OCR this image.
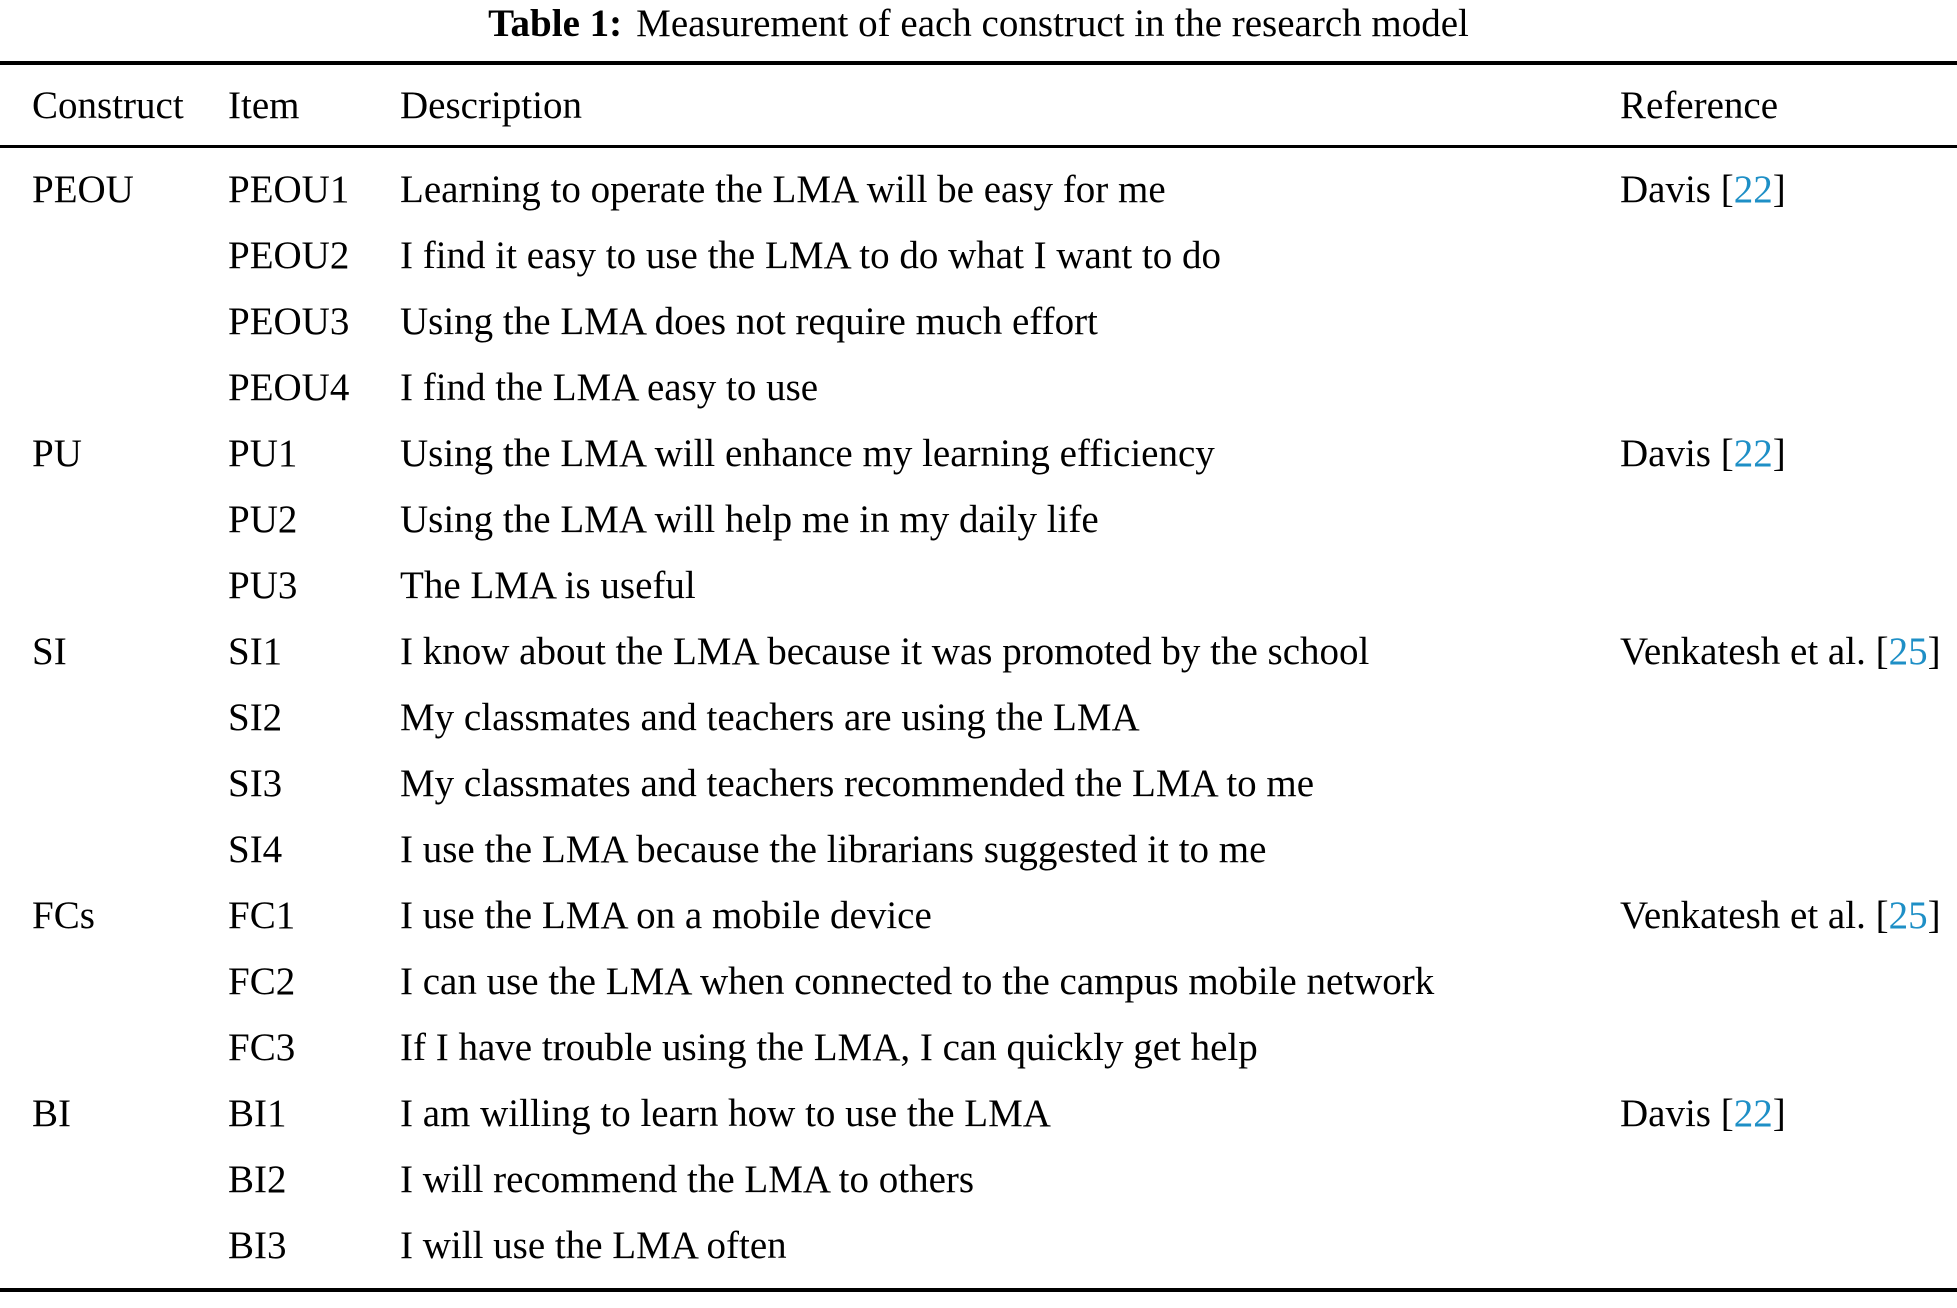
Table 1: Measurement of each construct in the research model
Construct	Item	Description	Reference
PEOU	PEOU1	Learning to operate the LMA will be easy for me	Davis [22]
	PEOU2	I find it easy to use the LMA to do what I want to do	
	PEOU3	Using the LMA does not require much effort	
	PEOU4	I find the LMA easy to use	
PU	PU1	Using the LMA will enhance my learning efficiency	Davis [22]
	PU2	Using the LMA will help me in my daily life	
	PU3	The LMA is useful	
SI	SI1	I know about the LMA because it was promoted by the school	Venkatesh et al. [25]
	SI2	My classmates and teachers are using the LMA	
	SI3	My classmates and teachers recommended the LMA to me	
	SI4	I use the LMA because the librarians suggested it to me	
FCs	FC1	I use the LMA on a mobile device	Venkatesh et al. [25]
	FC2	I can use the LMA when connected to the campus mobile network	
	FC3	If I have trouble using the LMA, I can quickly get help	
BI	BI1	I am willing to learn how to use the LMA	Davis [22]
	BI2	I will recommend the LMA to others	
	BI3	I will use the LMA often	
